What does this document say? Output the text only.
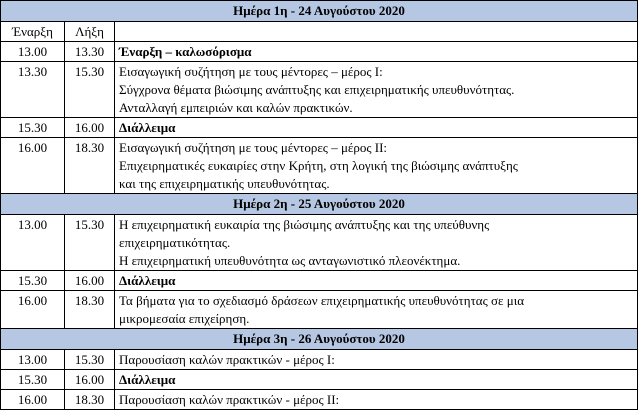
Ημέρα 1η - 24 Αυγούστου 2020		
Έναρξη	Λήξη	
13.00	13.30	Έναρξη – καλωσόρισμα

13.30	15.30	Εισαγωγική συζήτηση με τους μέντορες – μέρος Ι:
Σύγχρονα θέματα βιώσιμης ανάπτυξης και επιχειρηματικής υπευθυνότητας.
Ανταλλαγή εμπειριών και καλών πρακτικών.

15.30	16.00	Διάλλειμα

16.00	18.30	Εισαγωγική συζήτηση με τους μέντορες – μέρος ΙΙ:
Επιχειρηματικές ευκαιρίες στην Κρήτη, στη λογική της βιώσιμης ανάπτυξης
και της επιχειρηματικής υπευθυνότητας.

Ημέρα 2η - 25 Αυγούστου 2020		
13.00	15.30	Η επιχειρηματική ευκαιρία της βιώσιμης ανάπτυξης και της υπεύθυνης
επιχειρηματικότητας.
Η επιχειρηματική υπευθυνότητα ως ανταγωνιστικό πλεονέκτημα.

15.30	16.00	Διάλλειμα

16.00	18.30	Τα βήματα για το σχεδιασμό δράσεων επιχειρηματικής υπευθυνότητας σε μια
μικρομεσαία επιχείρηση.

Ημέρα 3η - 26 Αυγούστου 2020		
13.00	15.30	Παρουσίαση καλών πρακτικών - μέρος Ι:

15.30	16.00	Διάλλειμα

16.00	18.30	Παρουσίαση καλών πρακτικών - μέρος ΙΙ:
